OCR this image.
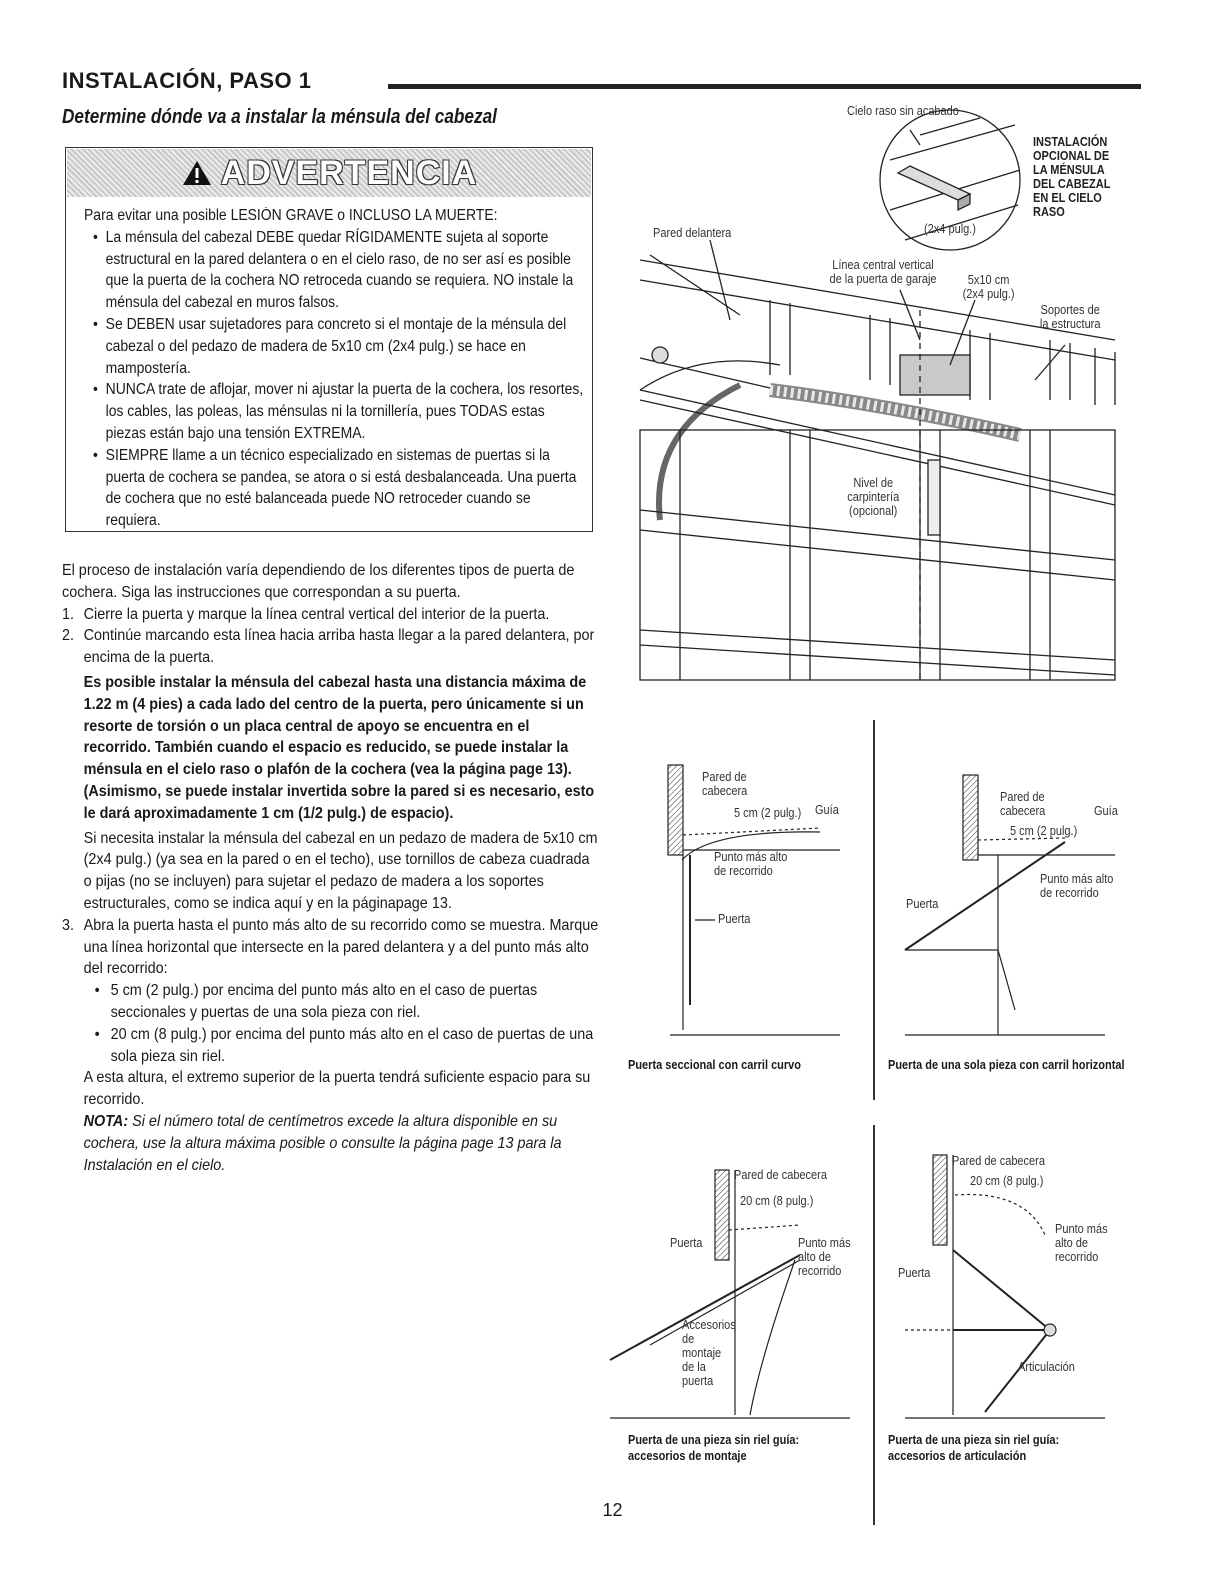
INSTALACIÓN, PASO 1
Determine dónde va a instalar la ménsula del cabezal
ADVERTENCIA
Para evitar una posible LESIÓN GRAVE o INCLUSO LA MUERTE:
•  La ménsula del cabezal DEBE quedar RÍGIDAMENTE sujeta al soporte estructural en la pared delantera o en el cielo raso, de no ser así es posible que la puerta de la cochera NO retroceda cuando se requiera. NO instale la ménsula del cabezal en muros falsos.
•  Se DEBEN usar sujetadores para concreto si el montaje de la ménsula del cabezal o del pedazo de madera de 5x10 cm (2x4 pulg.) se hace en mampostería.
•  NUNCA trate de aflojar, mover ni ajustar la puerta de la cochera, los resortes, los cables, las poleas, las ménsulas ni la tornillería, pues TODAS estas piezas están bajo una tensión EXTREMA.
•  SIEMPRE llame a un técnico especializado en sistemas de puertas si la puerta de cochera se pandea, se atora o si está desbalanceada. Una puerta de cochera que no esté balanceada puede NO retroceder cuando se requiera.
El proceso de instalación varía dependiendo de los diferentes tipos de puerta de cochera. Siga las instrucciones que correspondan a su puerta.
1. Cierre la puerta y marque la línea central vertical del interior de la puerta.
2. Continúe marcando esta línea hacia arriba hasta llegar a la pared delantera, por encima de la puerta.
Es posible instalar la ménsula del cabezal hasta una distancia máxima de 1.22 m (4 pies) a cada lado del centro de la puerta, pero únicamente si un resorte de torsión o un placa central de apoyo se encuentra en el recorrido. También cuando el espacio es reducido, se puede instalar la ménsula en el cielo raso o plafón de la cochera (vea la página page 13). (Asimismo, se puede instalar invertida sobre la pared si es necesario, esto le dará aproximadamente 1 cm (1/2 pulg.) de espacio).
Si necesita instalar la ménsula del cabezal en un pedazo de madera de 5x10 cm (2x4 pulg.) (ya sea en la pared o en el techo), use tornillos de cabeza cuadrada o pijas (no se incluyen) para sujetar el pedazo de madera a los soportes estructurales, como se indica aquí y en la páginapage 13.
3. Abra la puerta hasta el punto más alto de su recorrido como se muestra. Marque una línea horizontal que intersecte en la pared delantera y a del punto más alto del recorrido:
• 5 cm (2 pulg.) por encima del punto más alto en el caso de puertas seccionales y puertas de una sola pieza con riel.
• 20 cm (8 pulg.) por encima del punto más alto en el caso de puertas de una sola pieza sin riel.
A esta altura, el extremo superior de la puerta tendrá suficiente espacio para su recorrido.
NOTA: Si el número total de centímetros excede la altura disponible en su cochera, use la altura máxima posible o consulte la página page 13 para la Instalación en el cielo.
Cielo raso sin acabado
INSTALACIÓN OPCIONAL DE LA MÉNSULA DEL CABEZAL EN EL CIELO RASO
(2x4 pulg.)
Pared delantera
Línea central vertical de la puerta de garaje	5x10 cm (2x4 pulg.)
Soportes de la estructura
Nivel de carpintería (opcional)
Pared de cabecera
5 cm (2 pulg.) Guía
Punto más alto de recorrido
Puerta
Puerta seccional con carril curvo
Pared de cabecera	Guía
5 cm (2 pulg.)
Punto más alto de recorrido
Puerta
Puerta de una sola pieza con carril horizontal
Pared de cabecera
20 cm (8 pulg.)
Puerta	Punto más alto de recorrido
Accesorios de montaje de la puerta
Puerta de una pieza sin riel guía: accesorios de montaje
Pared de cabecera
20 cm (8 pulg.)
Punto más alto de recorrido
Puerta
Articulación
Puerta de una pieza sin riel guía: accesorios de articulación
12
